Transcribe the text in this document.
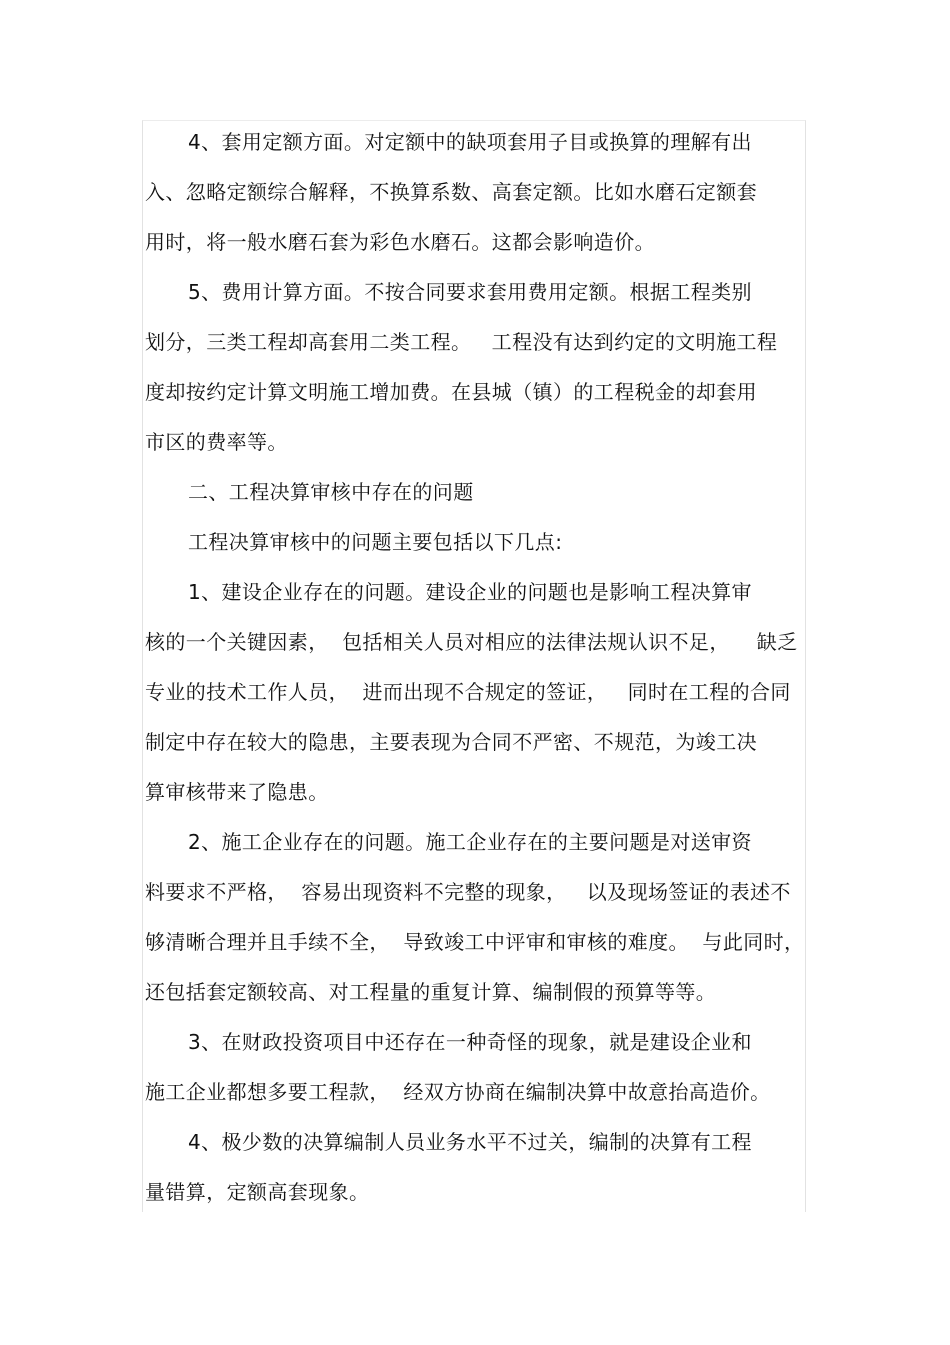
4、套用定额方面。对定额中的缺项套用子目或换算的理解有出
入、忽略定额综合解释，不换算系数、高套定额。比如水磨石定额套
用时，将一般水磨石套为彩色水磨石。这都会影响造价。
5、费用计算方面。不按合同要求套用费用定额。根据工程类别
划分，三类工程却高套用二类工程。   工程没有达到约定的文明施工程
度却按约定计算文明施工增加费。在县城（镇）的工程税金的却套用
市区的费率等。
二、工程决算审核中存在的问题
工程决算审核中的问题主要包括以下几点:
1、建设企业存在的问题。建设企业的问题也是影响工程决算审
核的一个关键因素，  包括相关人员对相应的法律法规认识不足，    缺乏
专业的技术工作人员，  进而出现不合规定的签证，   同时在工程的合同
制定中存在较大的隐患，主要表现为合同不严密、不规范，为竣工决
算审核带来了隐患。
2、施工企业存在的问题。施工企业存在的主要问题是对送审资
料要求不严格，  容易出现资料不完整的现象，   以及现场签证的表述不
够清晰合理并且手续不全，  导致竣工中评审和审核的难度。  与此同时，
还包括套定额较高、对工程量的重复计算、编制假的预算等等。
3、在财政投资项目中还存在一种奇怪的现象，就是建设企业和
施工企业都想多要工程款，  经双方协商在编制决算中故意抬高造价。
4、极少数的决算编制人员业务水平不过关，编制的决算有工程
量错算，定额高套现象。
